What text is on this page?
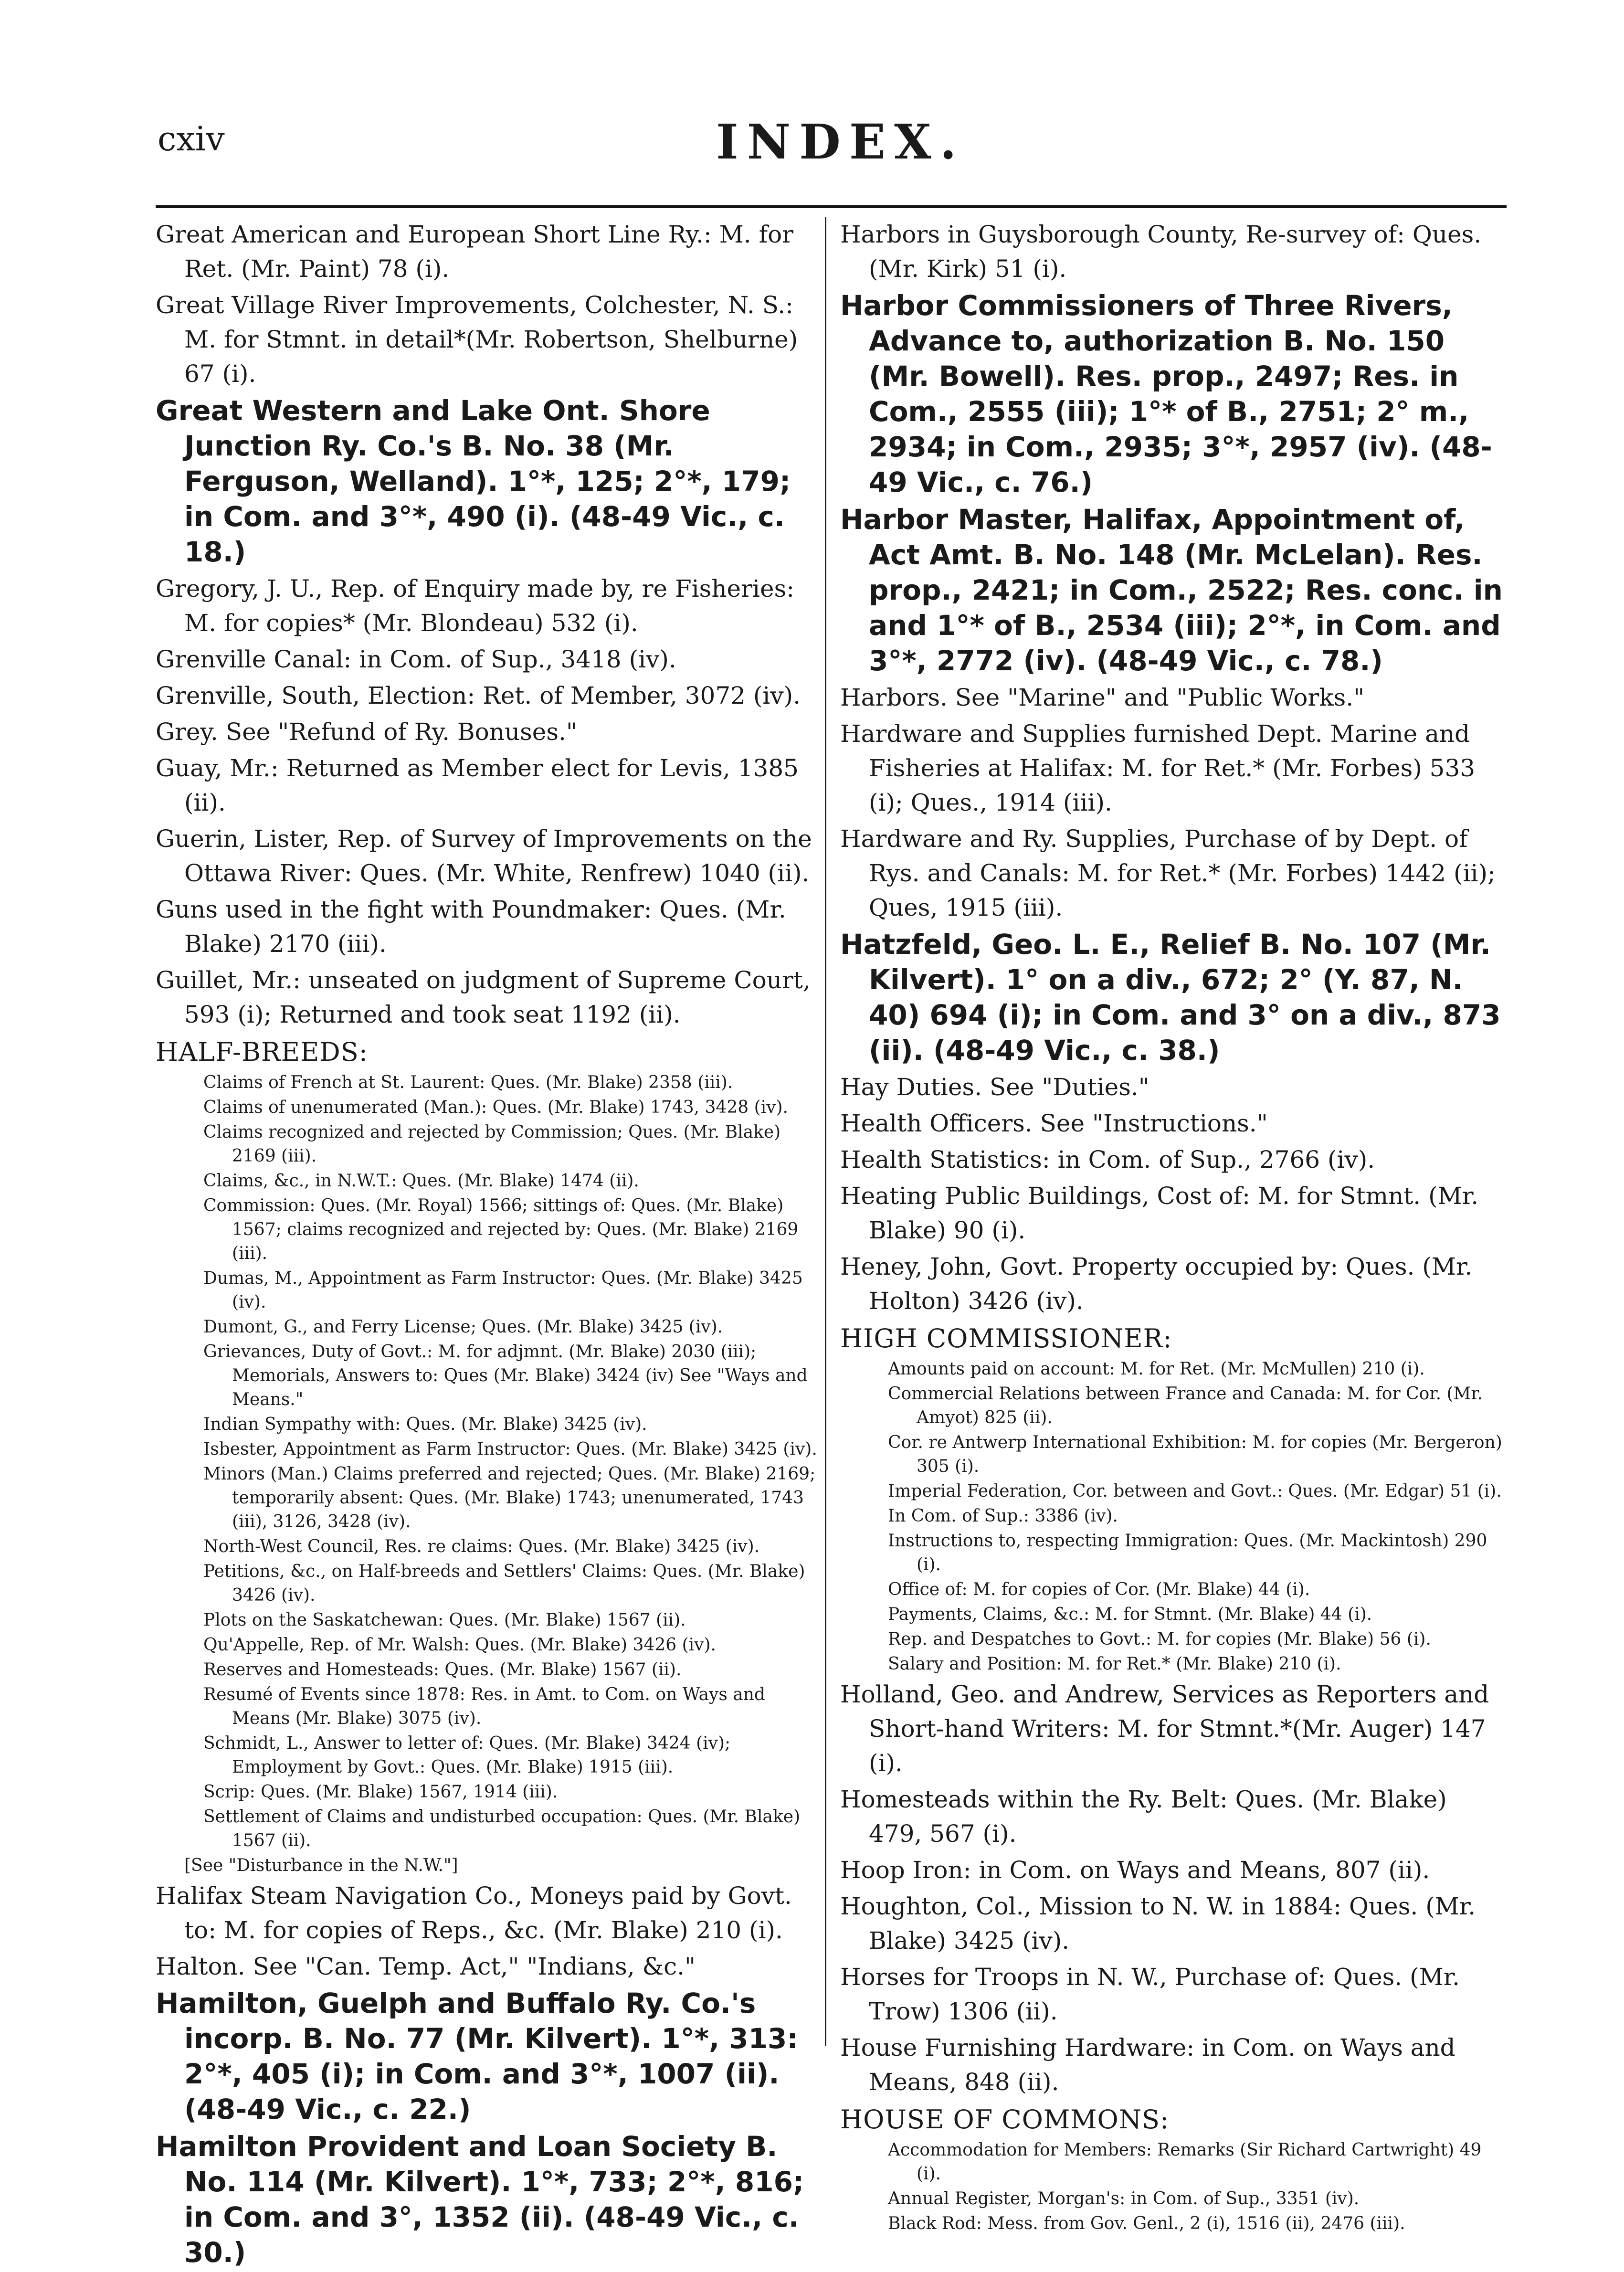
cxiv	INDEX.

Great American and European Short Line Ry.: M. for Ret. (Mr. Paint) 78 (i).

Great Village River Improvements, Colchester, N. S.: M. for Stmnt. in detail*(Mr. Robertson, Shelburne) 67 (i).

Great Western and Lake Ont. Shore Junction Ry. Co.'s B. No. 38 (Mr. Ferguson, Welland). 1°*, 125; 2°*, 179; in Com. and 3°*, 490 (i). (48-49 Vic., c. 18.)

Gregory, J. U., Rep. of Enquiry made by, re Fisheries: M. for copies* (Mr. Blondeau) 532 (i).

Grenville Canal: in Com. of Sup., 3418 (iv).

Grenville, South, Election: Ret. of Member, 3072 (iv).

Grey. See "Refund of Ry. Bonuses."

Guay, Mr.: Returned as Member elect for Levis, 1385 (ii).

Guerin, Lister, Rep. of Survey of Improvements on the Ottawa River: Ques. (Mr. White, Renfrew) 1040 (ii).

Guns used in the fight with Poundmaker: Ques. (Mr. Blake) 2170 (iii).

Guillet, Mr.: unseated on judgment of Supreme Court, 593 (i); Returned and took seat 1192 (ii).

HALF-BREEDS:

Claims of French at St. Laurent: Ques. (Mr. Blake) 2358 (iii).

Claims of unenumerated (Man.): Ques. (Mr. Blake) 1743, 3428 (iv).

Claims recognized and rejected by Commission; Ques. (Mr. Blake) 2169 (iii).

Claims, &c., in N.W.T.: Ques. (Mr. Blake) 1474 (ii).

Commission: Ques. (Mr. Royal) 1566; sittings of: Ques. (Mr. Blake) 1567; claims recognized and rejected by: Ques. (Mr. Blake) 2169 (iii).

Dumas, M., Appointment as Farm Instructor: Ques. (Mr. Blake) 3425 (iv).

Dumont, G., and Ferry License; Ques. (Mr. Blake) 3425 (iv).

Grievances, Duty of Govt.: M. for adjmnt. (Mr. Blake) 2030 (iii); Memorials, Answers to: Ques (Mr. Blake) 3424 (iv) See "Ways and Means."

Indian Sympathy with: Ques. (Mr. Blake) 3425 (iv).

Isbester, Appointment as Farm Instructor: Ques. (Mr. Blake) 3425 (iv).

Minors (Man.) Claims preferred and rejected; Ques. (Mr. Blake) 2169; temporarily absent: Ques. (Mr. Blake) 1743; unenumerated, 1743 (iii), 3126, 3428 (iv).

North-West Council, Res. re claims: Ques. (Mr. Blake) 3425 (iv).

Petitions, &c., on Half-breeds and Settlers' Claims: Ques. (Mr. Blake) 3426 (iv).

Plots on the Saskatchewan: Ques. (Mr. Blake) 1567 (ii).

Qu'Appelle, Rep. of Mr. Walsh: Ques. (Mr. Blake) 3426 (iv).

Reserves and Homesteads: Ques. (Mr. Blake) 1567 (ii).

Resumé of Events since 1878: Res. in Amt. to Com. on Ways and Means (Mr. Blake) 3075 (iv).

Schmidt, L., Answer to letter of: Ques. (Mr. Blake) 3424 (iv); Employment by Govt.: Ques. (Mr. Blake) 1915 (iii).

Scrip: Ques. (Mr. Blake) 1567, 1914 (iii).

Settlement of Claims and undisturbed occupation: Ques. (Mr. Blake) 1567 (ii).

[See "Disturbance in the N.W."]

Halifax Steam Navigation Co., Moneys paid by Govt. to: M. for copies of Reps., &c. (Mr. Blake) 210 (i).

Halton. See "Can. Temp. Act," "Indians, &c."

Hamilton, Guelph and Buffalo Ry. Co.'s incorp. B. No. 77 (Mr. Kilvert). 1°*, 313: 2°*, 405 (i); in Com. and 3°*, 1007 (ii). (48-49 Vic., c. 22.)

Hamilton Provident and Loan Society B. No. 114 (Mr. Kilvert). 1°*, 733; 2°*, 816; in Com. and 3°, 1352 (ii). (48-49 Vic., c. 30.)

Harbors in Guysborough County, Re-survey of: Ques. (Mr. Kirk) 51 (i).

Harbor Commissioners of Three Rivers, Advance to, authorization B. No. 150 (Mr. Bowell). Res. prop., 2497; Res. in Com., 2555 (iii); 1°* of B., 2751; 2° m., 2934; in Com., 2935; 3°*, 2957 (iv). (48-49 Vic., c. 76.)

Harbor Master, Halifax, Appointment of, Act Amt. B. No. 148 (Mr. McLelan). Res. prop., 2421; in Com., 2522; Res. conc. in and 1°* of B., 2534 (iii); 2°*, in Com. and 3°*, 2772 (iv). (48-49 Vic., c. 78.)

Harbors. See "Marine" and "Public Works."

Hardware and Supplies furnished Dept. Marine and Fisheries at Halifax: M. for Ret.* (Mr. Forbes) 533 (i); Ques., 1914 (iii).

Hardware and Ry. Supplies, Purchase of by Dept. of Rys. and Canals: M. for Ret.* (Mr. Forbes) 1442 (ii); Ques, 1915 (iii).

Hatzfeld, Geo. L. E., Relief B. No. 107 (Mr. Kilvert). 1° on a div., 672; 2° (Y. 87, N. 40) 694 (i); in Com. and 3° on a div., 873 (ii). (48-49 Vic., c. 38.)

Hay Duties. See "Duties."

Health Officers. See "Instructions."

Health Statistics: in Com. of Sup., 2766 (iv).

Heating Public Buildings, Cost of: M. for Stmnt. (Mr. Blake) 90 (i).

Heney, John, Govt. Property occupied by: Ques. (Mr. Holton) 3426 (iv).

HIGH COMMISSIONER:

Amounts paid on account: M. for Ret. (Mr. McMullen) 210 (i).

Commercial Relations between France and Canada: M. for Cor. (Mr. Amyot) 825 (ii).

Cor. re Antwerp International Exhibition: M. for copies (Mr. Bergeron) 305 (i).

Imperial Federation, Cor. between and Govt.: Ques. (Mr. Edgar) 51 (i).

In Com. of Sup.: 3386 (iv).

Instructions to, respecting Immigration: Ques. (Mr. Mackintosh) 290 (i).

Office of: M. for copies of Cor. (Mr. Blake) 44 (i).

Payments, Claims, &c.: M. for Stmnt. (Mr. Blake) 44 (i).

Rep. and Despatches to Govt.: M. for copies (Mr. Blake) 56 (i).

Salary and Position: M. for Ret.* (Mr. Blake) 210 (i).

Holland, Geo. and Andrew, Services as Reporters and Short-hand Writers: M. for Stmnt.*(Mr. Auger) 147 (i).

Homesteads within the Ry. Belt: Ques. (Mr. Blake) 479, 567 (i).

Hoop Iron: in Com. on Ways and Means, 807 (ii).

Houghton, Col., Mission to N. W. in 1884: Ques. (Mr. Blake) 3425 (iv).

Horses for Troops in N. W., Purchase of: Ques. (Mr. Trow) 1306 (ii).

House Furnishing Hardware: in Com. on Ways and Means, 848 (ii).

HOUSE OF COMMONS:

Accommodation for Members: Remarks (Sir Richard Cartwright) 49 (i).

Annual Register, Morgan's: in Com. of Sup., 3351 (iv).

Black Rod: Mess. from Gov. Genl., 2 (i), 1516 (ii), 2476 (iii).
